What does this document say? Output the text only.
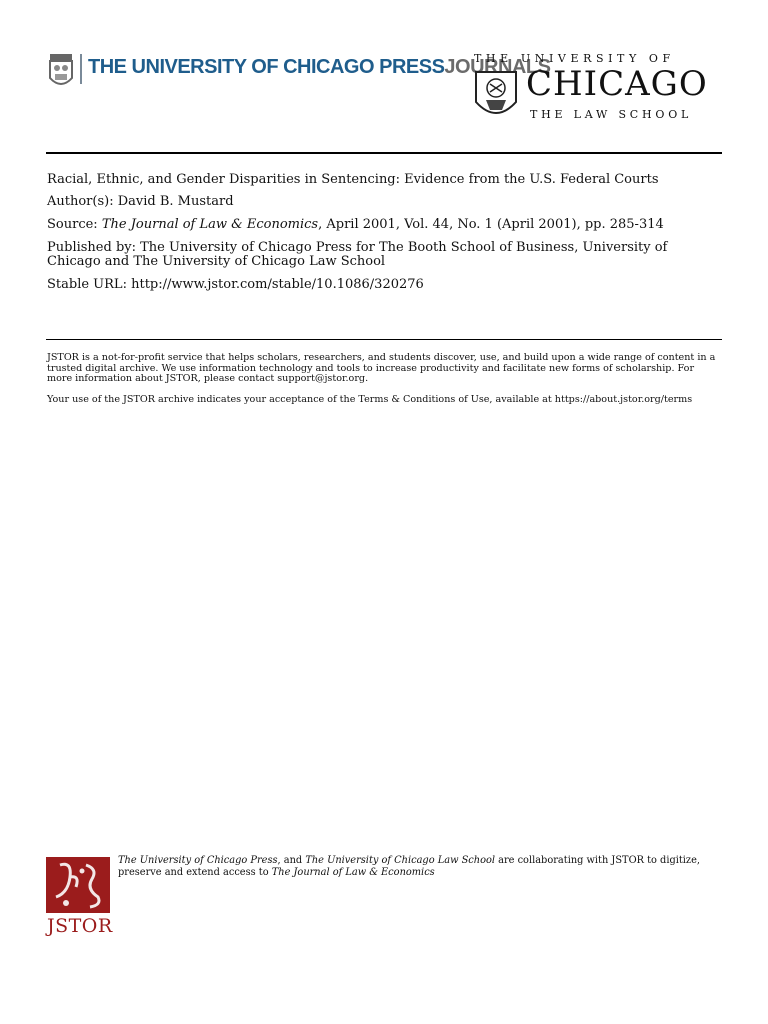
THE UNIVERSITY OF CHICAGO PRESSJOURNALS
THE UNIVERSITY OF
CHICAGO
THE LAW SCHOOL

Racial, Ethnic, and Gender Disparities in Sentencing: Evidence from the U.S. Federal Courts

Author(s): David B. Mustard

Source: The Journal of Law & Economics, April 2001, Vol. 44, No. 1 (April 2001), pp. 285-314

Published by: The University of Chicago Press for The Booth School of Business, University of Chicago and The University of Chicago Law School

Stable URL: http://www.jstor.com/stable/10.1086/320276

JSTOR is a not-for-profit service that helps scholars, researchers, and students discover, use, and build upon a wide range of content in a trusted digital archive. We use information technology and tools to increase productivity and facilitate new forms of scholarship. For more information about JSTOR, please contact support@jstor.org.

Your use of the JSTOR archive indicates your acceptance of the Terms & Conditions of Use, available at https://about.jstor.org/terms

JSTOR
The University of Chicago Press, and The University of Chicago Law School are collaborating with JSTOR to digitize, preserve and extend access to The Journal of Law & Economics
